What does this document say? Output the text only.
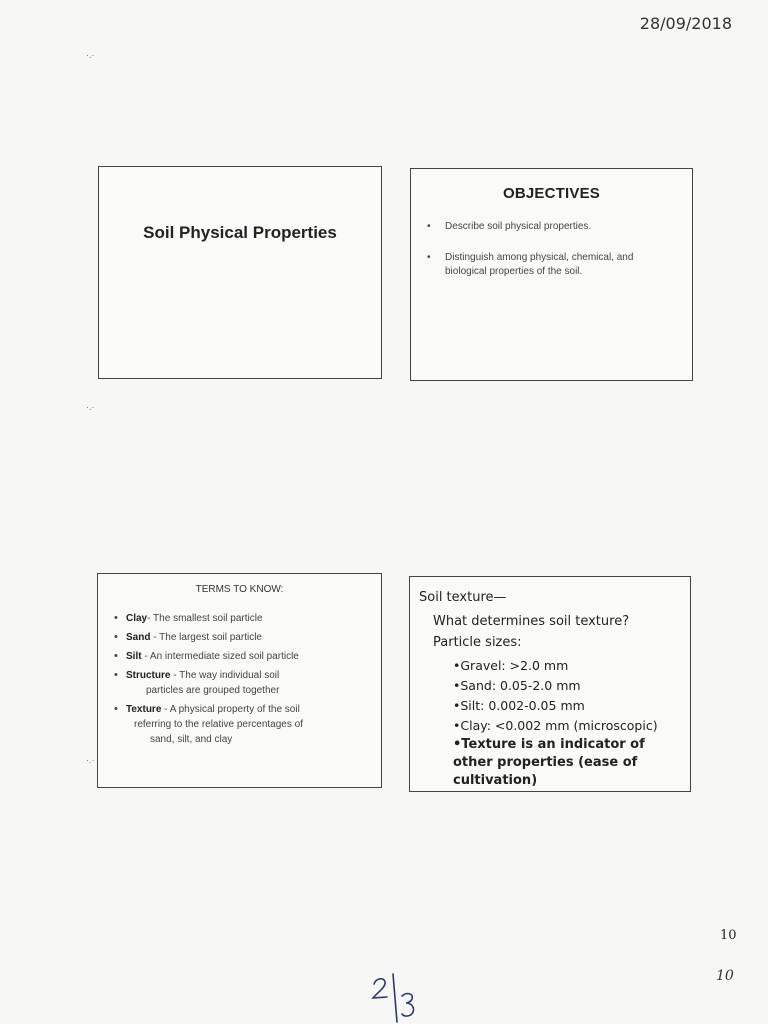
28/09/2018
Soil Physical Properties
OBJECTIVES
• Describe soil physical properties.
• Distinguish among physical, chemical, and biological properties of the soil.
TERMS TO KNOW:
• Clay- The smallest soil particle
• Sand - The largest soil particle
• Silt - An intermediate sized soil particle
• Structure - The way individual soil
particles are grouped together
• Texture - A physical property of the soil
referring to the relative percentages of
sand, silt, and clay
Soil texture—
What determines soil texture?
Particle sizes:
•Gravel: >2.0 mm
•Sand: 0.05-2.0 mm
•Silt: 0.002-0.05 mm
•Clay: <0.002 mm (microscopic)
•Texture is an indicator of other properties (ease of cultivation)
·.·
·.·
·.·
10
10
